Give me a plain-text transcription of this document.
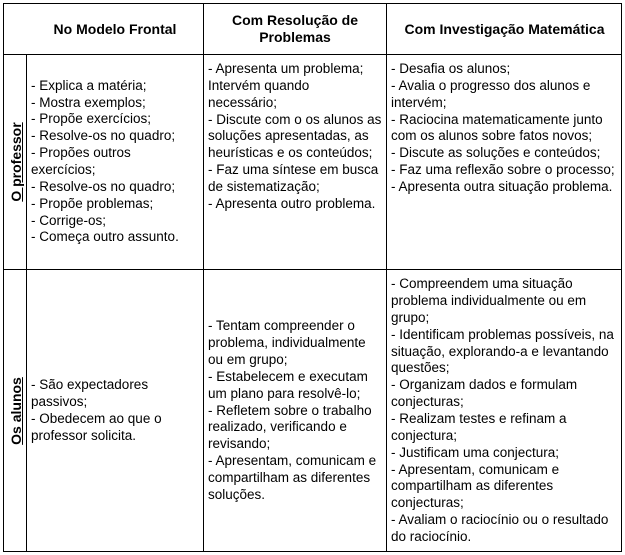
No Modelo Frontal
Com Resolução de Problemas
Com Investigação Matemática
O professor
Os alunos
- Explica a matéria;
- Mostra exemplos;
- Propõe exercícios;
- Resolve-os no quadro;
- Propões outros exercícios;
- Resolve-os no quadro;
- Propõe problemas;
- Corrige-os;
- Começa outro assunto.
- Apresenta um problema; Intervém quando necessário;
- Discute com o os alunos as soluções apresentadas, as heurísticas e os conteúdos;
- Faz uma síntese em busca de sistematização;
- Apresenta outro problema.
- Desafia os alunos;
- Avalia o progresso dos alunos e intervém;
- Raciocina matematicamente junto com os alunos sobre fatos novos;
- Discute as soluções e conteúdos;
- Faz uma reflexão sobre o processo;
- Apresenta outra situação problema.
- São expectadores passivos;
- Obedecem ao que o professor solicita.
- Tentam compreender o problema, individualmente ou em grupo;
- Estabelecem e executam um plano para resolvê-lo;
- Refletem sobre o trabalho realizado, verificando e revisando;
- Apresentam, comunicam e compartilham as diferentes soluções.
- Compreendem uma situação problema individualmente ou em grupo;
- Identificam problemas possíveis, na situação, explorando-a e levantando questões;
- Organizam dados e formulam conjecturas;
- Realizam testes e refinam a conjectura;
- Justificam uma conjectura;
- Apresentam, comunicam e compartilham as diferentes conjecturas;
- Avaliam o raciocínio ou o resultado do raciocínio.
